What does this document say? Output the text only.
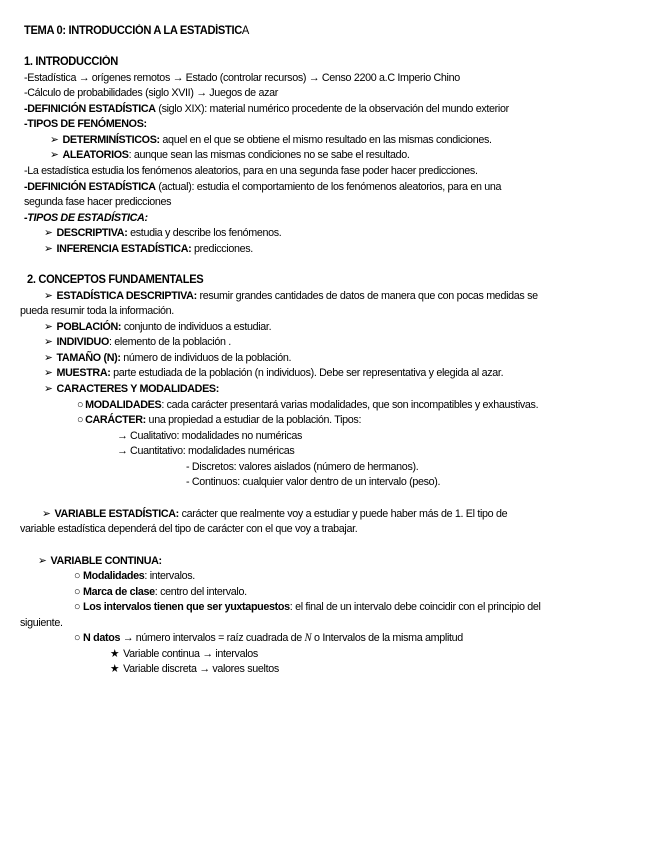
TEMA 0: INTRODUCCIÓN A LA ESTADÍSTICA
1. INTRODUCCIÓN
-Estadística → orígenes remotos → Estado (controlar recursos) → Censo 2200 a.C Imperio Chino
-Cálculo de probabilidades (siglo XVII) → Juegos de azar
-DEFINICIÓN ESTADÍSTICA (siglo XIX): material numérico procedente de la observación del mundo exterior
-TIPOS DE FENÓMENOS:
➢ DETERMINÍSTICOS: aquel en el que se obtiene el mismo resultado en las mismas condiciones.
➢ ALEATORIOS: aunque sean las mismas condiciones no se sabe el resultado.
-La estadística estudia los fenómenos aleatorios, para en una segunda fase poder hacer predicciones.
-DEFINICIÓN ESTADÍSTICA (actual): estudia el comportamiento de los fenómenos aleatorios, para en una
segunda fase hacer predicciones
-TIPOS DE ESTADÍSTICA:
➢ DESCRIPTIVA: estudia y describe los fenómenos.
➢ INFERENCIA ESTADÍSTICA: predicciones.
2. CONCEPTOS FUNDAMENTALES
➢ ESTADÍSTICA DESCRIPTIVA: resumir grandes cantidades de datos de manera que con pocas medidas se
pueda resumir toda la información.
➢ POBLACIÓN: conjunto de individuos a estudiar.
➢ INDIVIDUO: elemento de la población .
➢ TAMAÑO (N): número de individuos de la población.
➢ MUESTRA: parte estudiada de la población (n individuos). Debe ser representativa y elegida al azar.
➢ CARACTERES Y MODALIDADES:
○ MODALIDADES: cada carácter presentará varias modalidades, que son incompatibles y exhaustivas.
○ CARÁCTER: una propiedad a estudiar de la población. Tipos:
→ Cualitativo: modalidades no numéricas
→ Cuantitativo: modalidades numéricas
- Discretos: valores aislados (número de hermanos).
- Continuos: cualquier valor dentro de un intervalo (peso).
➢ VARIABLE ESTADÍSTICA: carácter que realmente voy a estudiar y puede haber más de 1. El tipo de
variable estadística dependerá del tipo de carácter con el que voy a trabajar.
➢ VARIABLE CONTINUA:
○ Modalidades: intervalos.
○ Marca de clase: centro del intervalo.
○ Los intervalos tienen que ser yuxtapuestos: el final de un intervalo debe coincidir con el principio del
siguiente.
○ N datos → número intervalos = raíz cuadrada de N o Intervalos de la misma amplitud
★ Variable continua → intervalos
★ Variable discreta → valores sueltos
